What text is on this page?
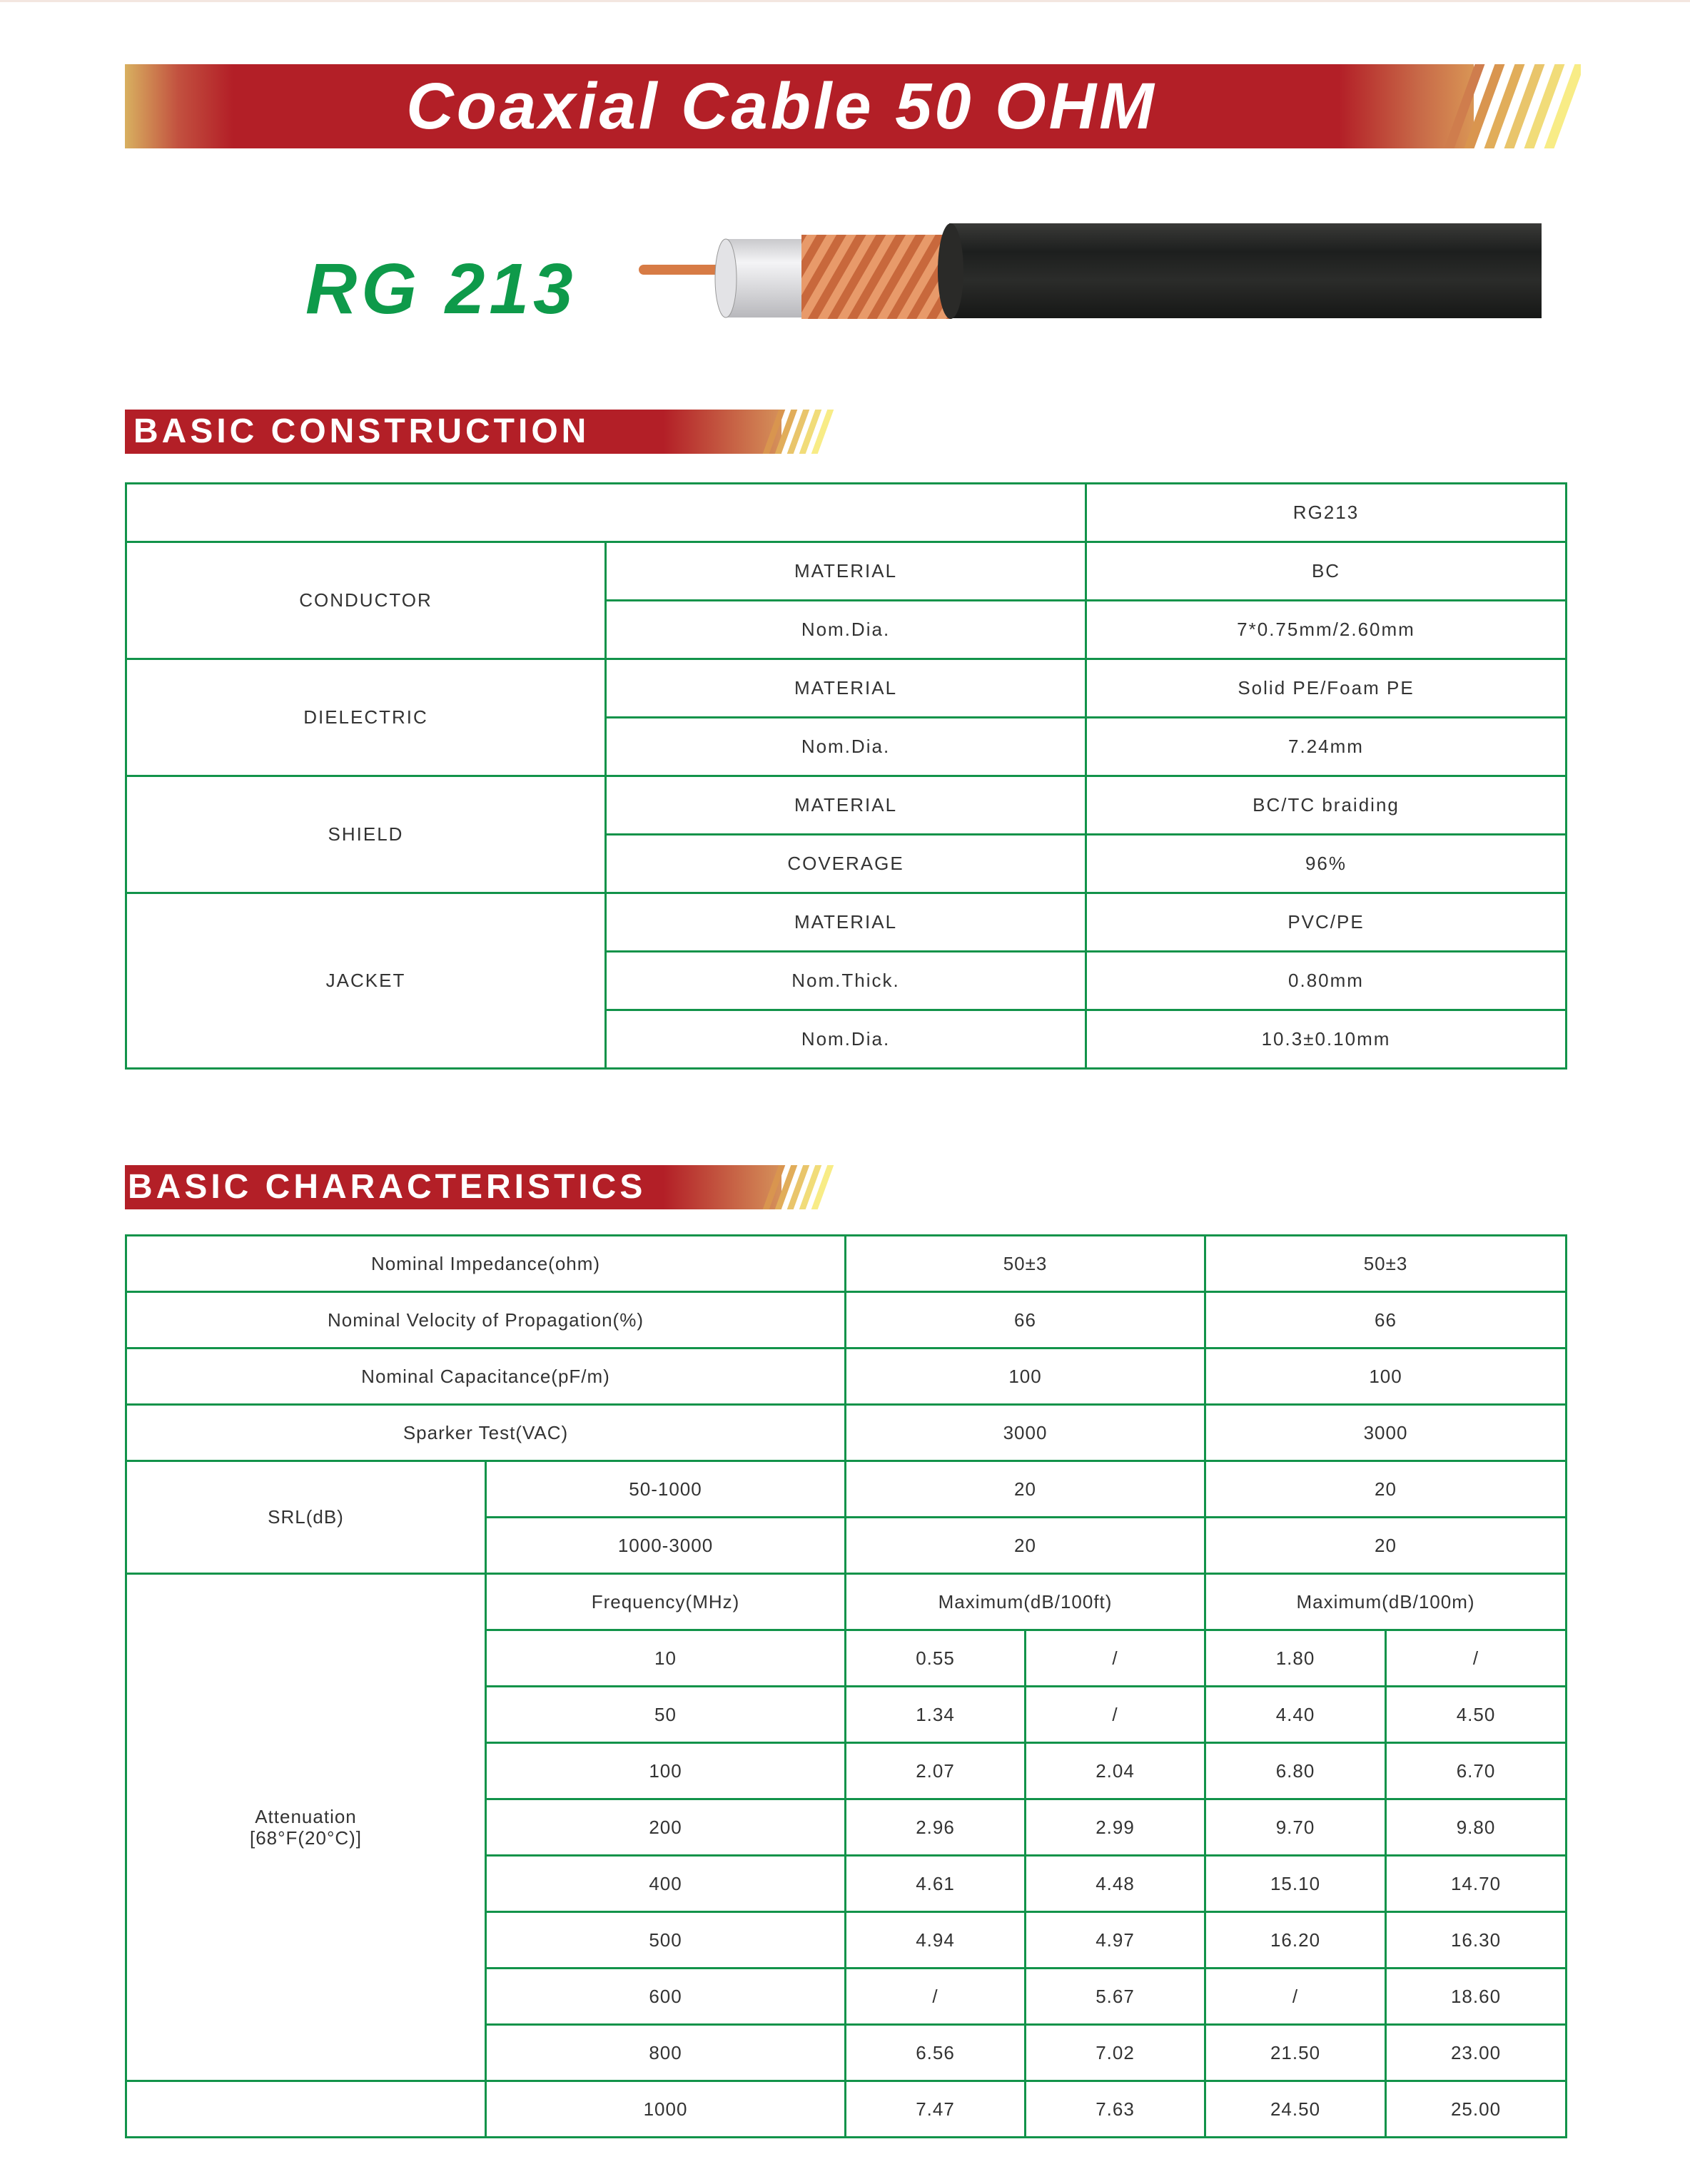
Coaxial Cable 50 OHM
RG 213
BASIC CONSTRUCTION
		RG213
CONDUCTOR	MATERIAL	BC
	Nom.Dia.	7*0.75mm/2.60mm
DIELECTRIC	MATERIAL	Solid PE/Foam PE
	Nom.Dia.	7.24mm
SHIELD	MATERIAL	BC/TC braiding
	COVERAGE	96%
JACKET	MATERIAL	PVC/PE
	Nom.Thick.	0.80mm
	Nom.Dia.	10.3±0.10mm
BASIC CHARACTERISTICS
Nominal Impedance(ohm)		50±3		50±3	
Nominal Velocity of Propagation(%)		66		66	
Nominal Capacitance(pF/m)		100		100	
Sparker Test(VAC)		3000		3000	
SRL(dB)	50-1000	20		20	
	1000-3000	20		20	
Attenuation
[68°F(20°C)]	Frequency(MHz)	Maximum(dB/100ft)		Maximum(dB/100m)	
	10	0.55	/	1.80	/
	50	1.34	/	4.40	4.50
	100	2.07	2.04	6.80	6.70
	200	2.96	2.99	9.70	9.80
	400	4.61	4.48	15.10	14.70
	500	4.94	4.97	16.20	16.30
	600	/	5.67	/	18.60
	800	6.56	7.02	21.50	23.00
	1000	7.47	7.63	24.50	25.00
